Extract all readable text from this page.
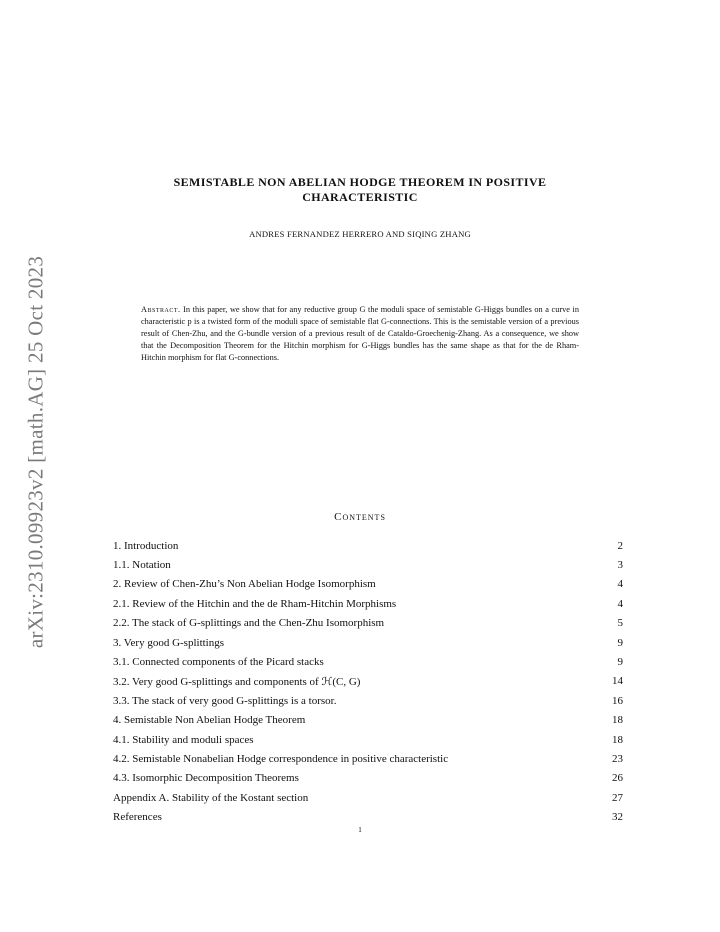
arXiv:2310.09923v2 [math.AG] 25 Oct 2023
SEMISTABLE NON ABELIAN HODGE THEOREM IN POSITIVE
CHARACTERISTIC
ANDRES FERNANDEZ HERRERO AND SIQING ZHANG
Abstract. In this paper, we show that for any reductive group G the moduli space of semistable G-Higgs bundles on a curve in characteristic p is a twisted form of the moduli space of semistable flat G-connections. This is the semistable version of a previous result of Chen-Zhu, and the G-bundle version of a previous result of de Cataldo-Groechenig-Zhang. As a consequence, we show that the Decomposition Theorem for the Hitchin morphism for G-Higgs bundles has the same shape as that for the de Rham-Hitchin morphism for flat G-connections.
Contents
1. Introduction	2
1.1. Notation	3
2. Review of Chen-Zhu’s Non Abelian Hodge Isomorphism	4
2.1. Review of the Hitchin and the de Rham-Hitchin Morphisms	4
2.2. The stack of G-splittings and the Chen-Zhu Isomorphism	5
3. Very good G-splittings	9
3.1. Connected components of the Picard stacks	9
3.2. Very good G-splittings and components of ℋ(C, G)	14
3.3. The stack of very good G-splittings is a torsor.	16
4. Semistable Non Abelian Hodge Theorem	18
4.1. Stability and moduli spaces	18
4.2. Semistable Nonabelian Hodge correspondence in positive characteristic	23
4.3. Isomorphic Decomposition Theorems	26
Appendix A. Stability of the Kostant section	27
References	32
1
